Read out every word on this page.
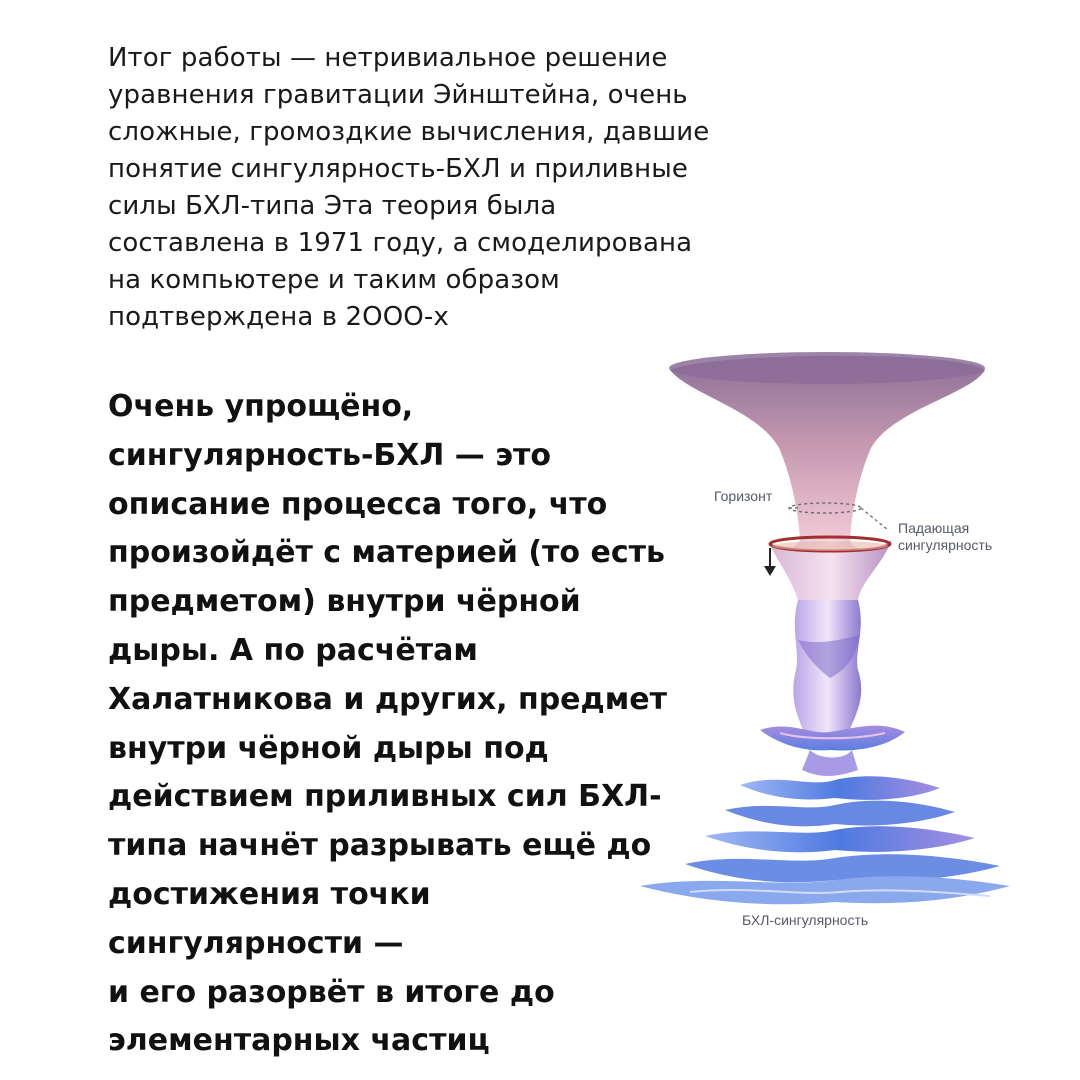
Итог работы — нетривиальное решение
уравнения гравитации Эйнштейна, очень
сложные, громоздкие вычисления, давшие
понятие сингулярность-БХЛ и приливные
силы БХЛ-типа Эта теория была
составлена в 1971 году, а смоделирована
на компьютере и таким образом
подтверждена в 2ООО-х
Очень упрощёно,
сингулярность-БХЛ — это
описание процесса того, что
произойдёт с материей (то есть
предметом) внутри чёрной
дыры. А по расчётам
Халатникова и других, предмет
внутри чёрной дыры под
действием приливных сил БХЛ-
типа начнёт разрывать ещё до
достижения точки
сингулярности —
и его разорвёт в итоге до
элементарных частиц
Горизонт
Падающая
сингулярность
БХЛ-сингулярность
